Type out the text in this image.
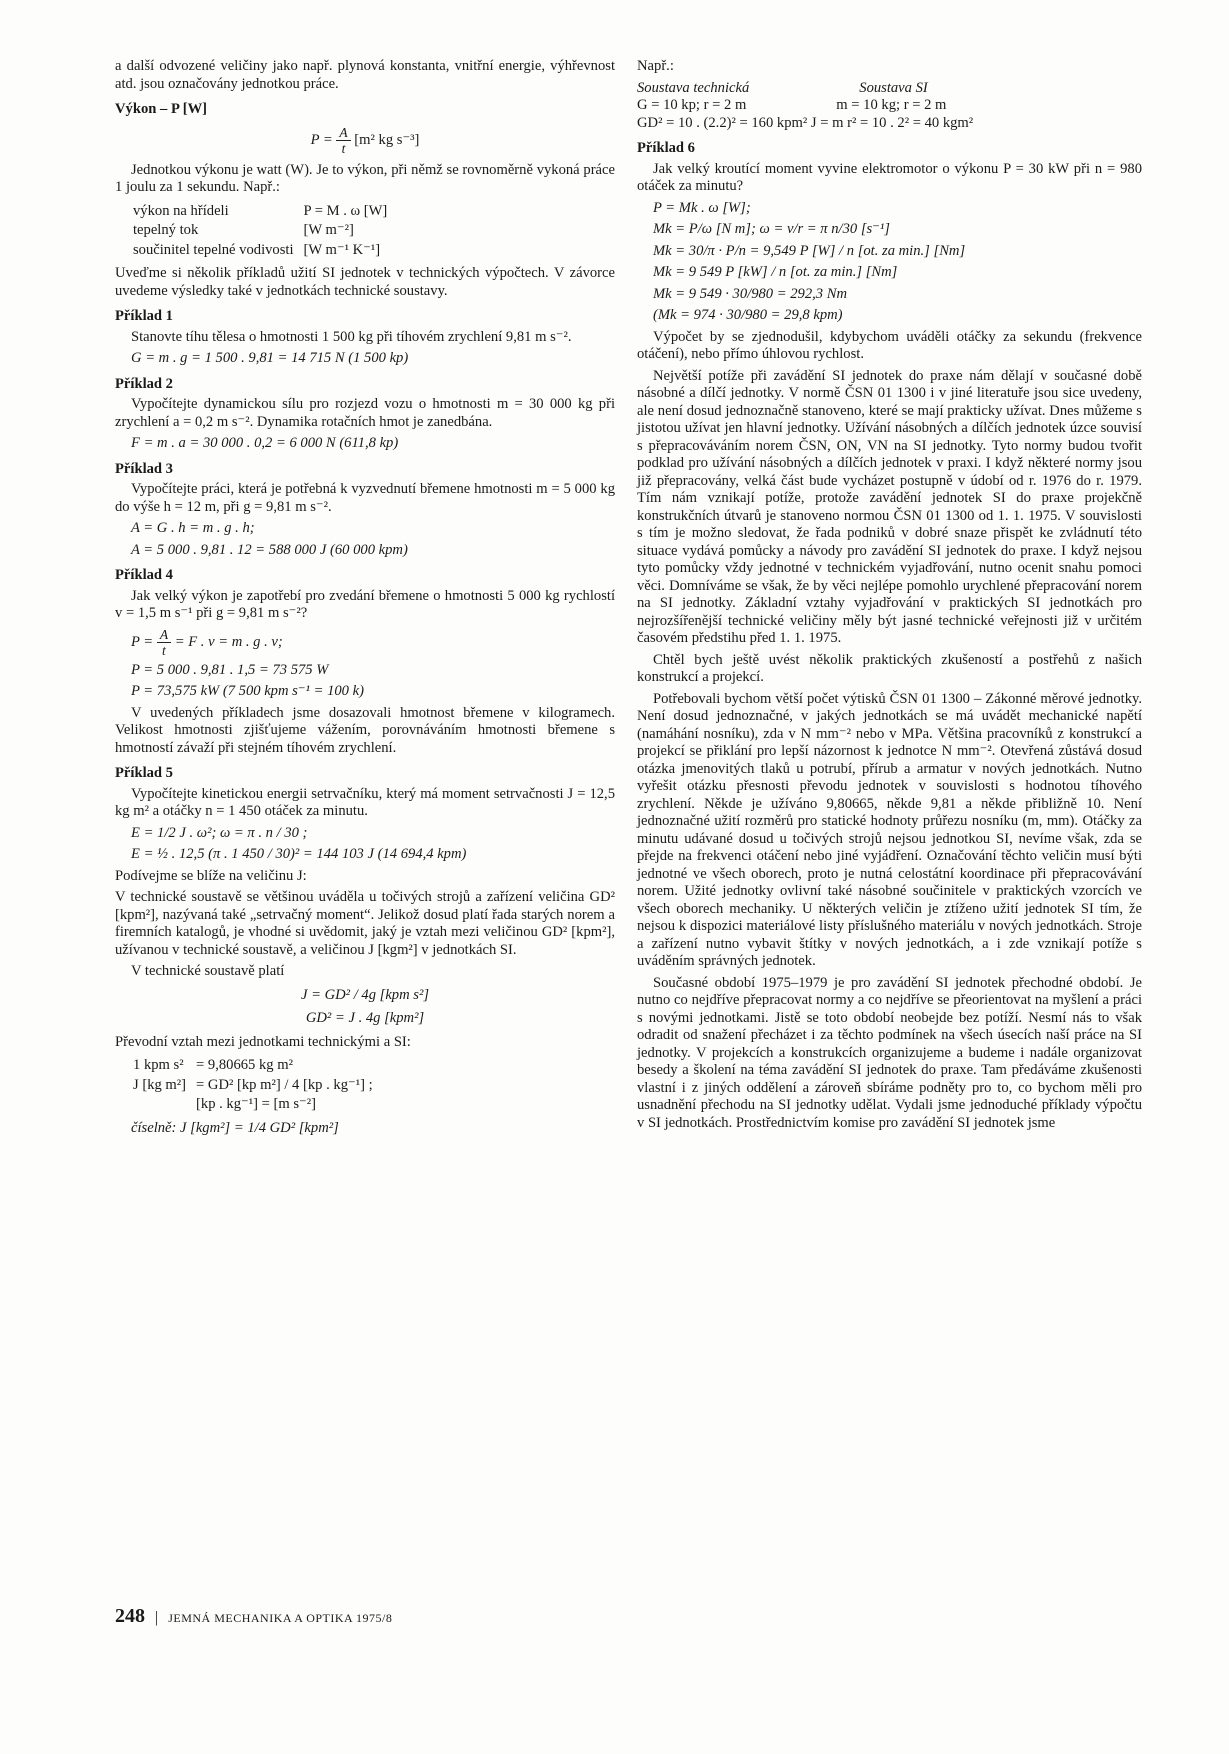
a další odvozené veličiny jako např. plynová konstanta, vnitřní energie, výhřevnost atd. jsou označovány jednotkou práce.

Výkon – P [W]

$P = \frac{A}{t} [m^2$ kg s⁻³]

Jednotkou výkonu je watt (W). Je to výkon, při němž se rovnoměrně vykoná práce 1 joulu za 1 sekundu. Např.:

výkon na hřídeli	P = M . ω [W]
tepelný tok	[W m⁻²]
součinitel tepelné vodivosti	[W m⁻¹ K⁻¹]

Uveďme si několik příkladů užití SI jednotek v technických výpočtech. V závorce uvedeme výsledky také v jednotkách technické soustavy.

Příklad 1

Stanovte tíhu tělesa o hmotnosti 1 500 kg při tíhovém zrychlení 9,81 m s⁻².

G = m . g = 1 500 . 9,81 = 14 715 N (1 500 kp)

Příklad 2

Vypočítejte dynamickou sílu pro rozjezd vozu o hmotnosti m = 30 000 kg při zrychlení a = 0,2 m s⁻². Dynamika rotačních hmot je zanedbána.

F = m . a = 30 000 . 0,2 = 6 000 N (611,8 kp)

Příklad 3

Vypočítejte práci, která je potřebná k vyzvednutí břemene hmotnosti m = 5 000 kg do výše h = 12 m, při g = 9,81 m s⁻².

A = G . h = m . g . h;

A = 5 000 . 9,81 . 12 = 588 000 J (60 000 kpm)

Příklad 4

Jak velký výkon je zapotřebí pro zvedání břemene o hmotnosti 5 000 kg rychlostí v = 1,5 m s⁻¹ při g = 9,81 m s⁻²?

$P = \frac{A}{t} = F$ . v = m . g . v;

P = 5 000 . 9,81 . 1,5 = 73 575 W

P = 73,575 kW (7 500 kpm s⁻¹ = 100 k)

V uvedených příkladech jsme dosazovali hmotnost břemene v kilogramech. Velikost hmotnosti zjišťujeme vážením, porovnáváním hmotnosti břemene s hmotností závaží při stejném tíhovém zrychlení.

Příklad 5

Vypočítejte kinetickou energii setrvačníku, který má moment setrvačnosti J = 12,5 kg m² a otáčky n = 1 450 otáček za minutu.

E = 1/2 J . ω²; ω = π . n / 30 ;

E = ½ . 12,5 (π . 1 450 / 30)² = 144 103 J (14 694,4 kpm)

Podívejme se blíže na veličinu J:

V technické soustavě se většinou uváděla u točivých strojů a zařízení veličina GD² [kpm²], nazývaná také „setrvačný moment“. Jelikož dosud platí řada starých norem a firemních katalogů, je vhodné si uvědomit, jaký je vztah mezi veličinou GD² [kpm²], užívanou v technické soustavě, a veličinou J [kgm²] v jednotkách SI.

V technické soustavě platí

J = GD² / 4g [kpm s²]

GD² = J . 4g [kpm²]

Převodní vztah mezi jednotkami technickými a SI:

1 kpm s²	= 9,80665 kg m²
J [kg m²]	= GD² [kp m²] / 4 [kp . kg⁻¹] ;
	[kp . kg⁻¹] = [m s⁻²]

číselně: J [kgm²] = 1/4 GD² [kpm²]

Např.:

Soustava technická	Soustava SI
G = 10 kp; r = 2 m	m = 10 kg; r = 2 m

GD² = 10 . (2.2)² = 160 kpm² J = m r² = 10 . 2² = 40 kgm²

Příklad 6

Jak velký kroutící moment vyvine elektromotor o výkonu P = 30 kW při n = 980 otáček za minutu?

P = Mk . ω [W];

Mk = P/ω [N m]; ω = v/r = π n/30 [s⁻¹]

Mk = 30/π · P/n = 9,549 P [W] / n [ot. za min.] [Nm]

Mk = 9 549 P [kW] / n [ot. za min.] [Nm]

Mk = 9 549 · 30/980 = 292,3 Nm

(Mk = 974 · 30/980 = 29,8 kpm)

Výpočet by se zjednodušil, kdybychom uváděli otáčky za sekundu (frekvence otáčení), nebo přímo úhlovou rychlost.

Největší potíže při zavádění SI jednotek do praxe nám dělají v současné době násobné a dílčí jednotky. V normě ČSN 01 1300 i v jiné literatuře jsou sice uvedeny, ale není dosud jednoznačně stanoveno, které se mají prakticky užívat. Dnes můžeme s jistotou užívat jen hlavní jednotky. Užívání násobných a dílčích jednotek úzce souvisí s přepracováváním norem ČSN, ON, VN na SI jednotky. Tyto normy budou tvořit podklad pro užívání násobných a dílčích jednotek v praxi. I když některé normy jsou již přepracovány, velká část bude vycházet postupně v údobí od r. 1976 do r. 1979. Tím nám vznikají potíže, protože zavádění jednotek SI do praxe projekčně konstrukčních útvarů je stanoveno normou ČSN 01 1300 od 1. 1. 1975. V souvislosti s tím je možno sledovat, že řada podniků v dobré snaze přispět ke zvládnutí této situace vydává pomůcky a návody pro zavádění SI jednotek do praxe. I když nejsou tyto pomůcky vždy jednotné v technickém vyjadřování, nutno ocenit snahu pomoci věci. Domníváme se však, že by věci nejlépe pomohlo urychlené přepracování norem na SI jednotky. Základní vztahy vyjadřování v praktických SI jednotkách pro nejrozšířenější technické veličiny měly být jasné technické veřejnosti již v určitém časovém předstihu před 1. 1. 1975.

Chtěl bych ještě uvést několik praktických zkušeností a postřehů z našich konstrukcí a projekcí.

Potřebovali bychom větší počet výtisků ČSN 01 1300 – Zákonné měrové jednotky. Není dosud jednoznačné, v jakých jednotkách se má uvádět mechanické napětí (namáhání nosníku), zda v N mm⁻² nebo v MPa. Většina pracovníků z konstrukcí a projekcí se přiklání pro lepší názornost k jednotce N mm⁻². Otevřená zůstává dosud otázka jmenovitých tlaků u potrubí, přírub a armatur v nových jednotkách. Nutno vyřešit otázku přesnosti převodu jednotek v souvislosti s hodnotou tíhového zrychlení. Někde je užíváno 9,80665, někde 9,81 a někde přibližně 10. Není jednoznačné užití rozměrů pro statické hodnoty průřezu nosníku (m, mm). Otáčky za minutu udávané dosud u točivých strojů nejsou jednotkou SI, nevíme však, zda se přejde na frekvenci otáčení nebo jiné vyjádření. Označování těchto veličin musí býti jednotné ve všech oborech, proto je nutná celostátní koordinace při přepracovávání norem. Užité jednotky ovlivní také násobné součinitele v praktických vzorcích ve všech oborech mechaniky. U některých veličin je ztíženo užití jednotek SI tím, že nejsou k dispozici materiálové listy příslušného materiálu v nových jednotkách. Stroje a zařízení nutno vybavit štítky v nových jednotkách, a i zde vznikají potíže s uváděním správných jednotek.

Současné období 1975–1979 je pro zavádění SI jednotek přechodné období. Je nutno co nejdříve přepracovat normy a co nejdříve se přeorientovat na myšlení a práci s novými jednotkami. Jistě se toto období neobejde bez potíží. Nesmí nás to však odradit od snažení přecházet i za těchto podmínek na všech úsecích naší práce na SI jednotky. V projekcích a konstrukcích organizujeme a budeme i nadále organizovat besedy a školení na téma zavádění SI jednotek do praxe. Tam předáváme zkušenosti vlastní i z jiných oddělení a zároveň sbíráme podněty pro to, co bychom měli pro usnadnění přechodu na SI jednotky udělat. Vydali jsme jednoduché příklady výpočtu v SI jednotkách. Prostřednictvím komise pro zavádění SI jednotek jsme

248 | JEMNÁ MECHANIKA A OPTIKA 1975/8
